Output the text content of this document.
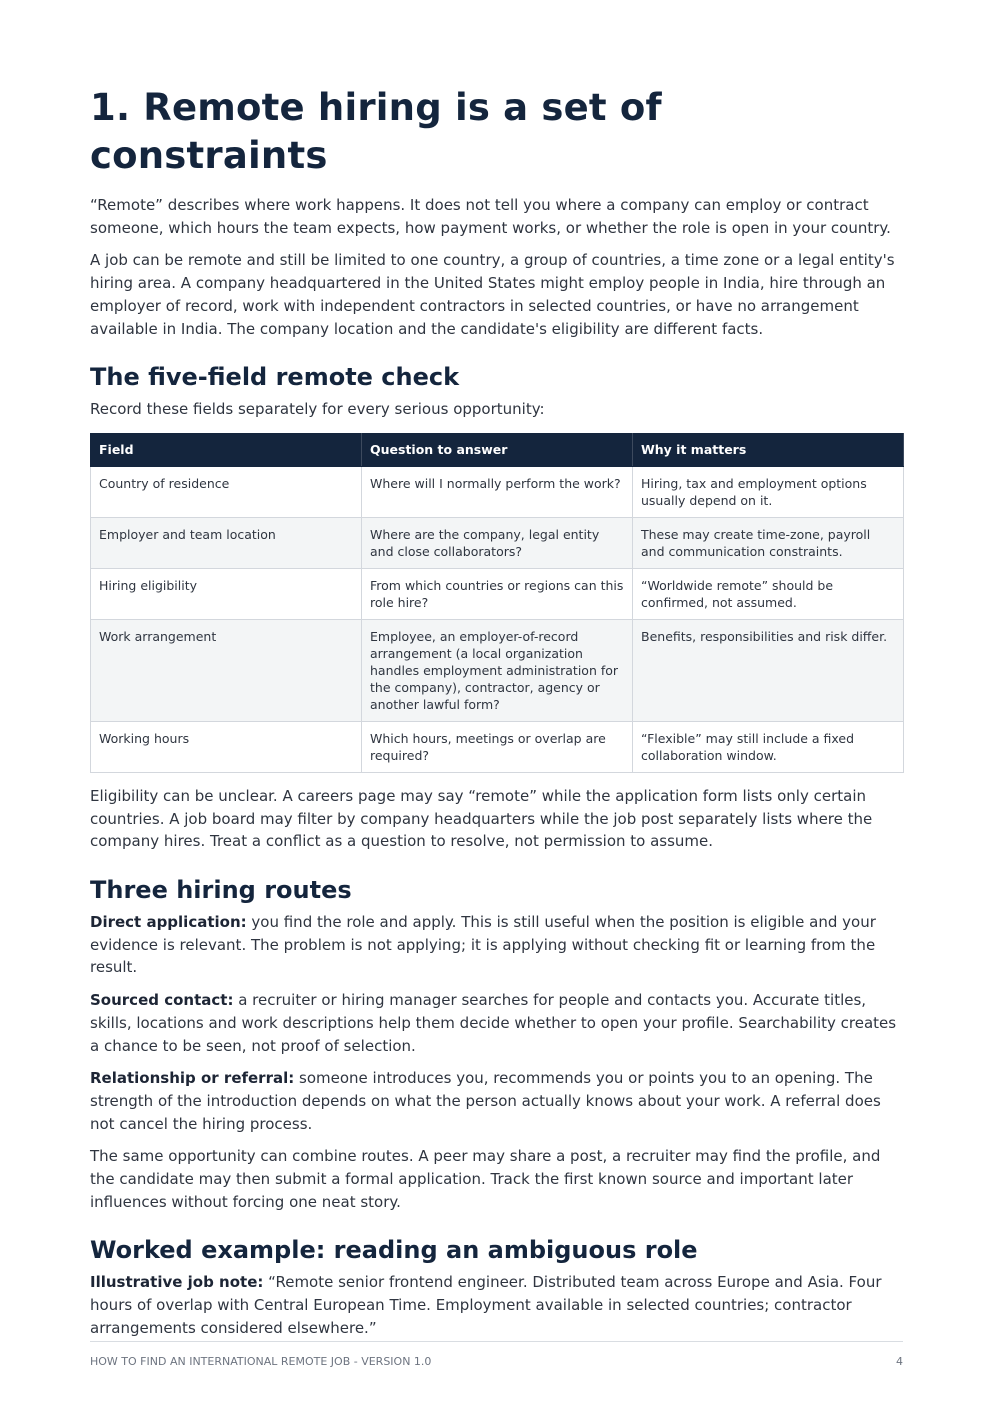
1. Remote hiring is a set of constraints

“Remote” describes where work happens. It does not tell you where a company can employ or contract someone, which hours the team expects, how payment works, or whether the role is open in your country.

A job can be remote and still be limited to one country, a group of countries, a time zone or a legal entity's hiring area. A company headquartered in the United States might employ people in India, hire through an employer of record, work with independent contractors in selected countries, or have no arrangement available in India. The company location and the candidate's eligibility are different facts.

The five-field remote check

Record these fields separately for every serious opportunity:

Field	Question to answer	Why it matters
Country of residence	Where will I normally perform the work?	Hiring, tax and employment options usually depend on it.
Employer and team location	Where are the company, legal entity and close collaborators?	These may create time-zone, payroll and communication constraints.
Hiring eligibility	From which countries or regions can this role hire?	“Worldwide remote” should be confirmed, not assumed.
Work arrangement	Employee, an employer-of-record arrangement (a local organization handles employment administration for the company), contractor, agency or another lawful form?	Benefits, responsibilities and risk differ.
Working hours	Which hours, meetings or overlap are required?	“Flexible” may still include a fixed collaboration window.

Eligibility can be unclear. A careers page may say “remote” while the application form lists only certain countries. A job board may filter by company headquarters while the job post separately lists where the company hires. Treat a conflict as a question to resolve, not permission to assume.

Three hiring routes

Direct application: you find the role and apply. This is still useful when the position is eligible and your evidence is relevant. The problem is not applying; it is applying without checking fit or learning from the result.

Sourced contact: a recruiter or hiring manager searches for people and contacts you. Accurate titles, skills, locations and work descriptions help them decide whether to open your profile. Searchability creates a chance to be seen, not proof of selection.

Relationship or referral: someone introduces you, recommends you or points you to an opening. The strength of the introduction depends on what the person actually knows about your work. A referral does not cancel the hiring process.

The same opportunity can combine routes. A peer may share a post, a recruiter may find the profile, and the candidate may then submit a formal application. Track the first known source and important later influences without forcing one neat story.

Worked example: reading an ambiguous role

Illustrative job note: “Remote senior frontend engineer. Distributed team across Europe and Asia. Four hours of overlap with Central European Time. Employment available in selected countries; contractor arrangements considered elsewhere.”

HOW TO FIND AN INTERNATIONAL REMOTE JOB - VERSION 1.0	4
